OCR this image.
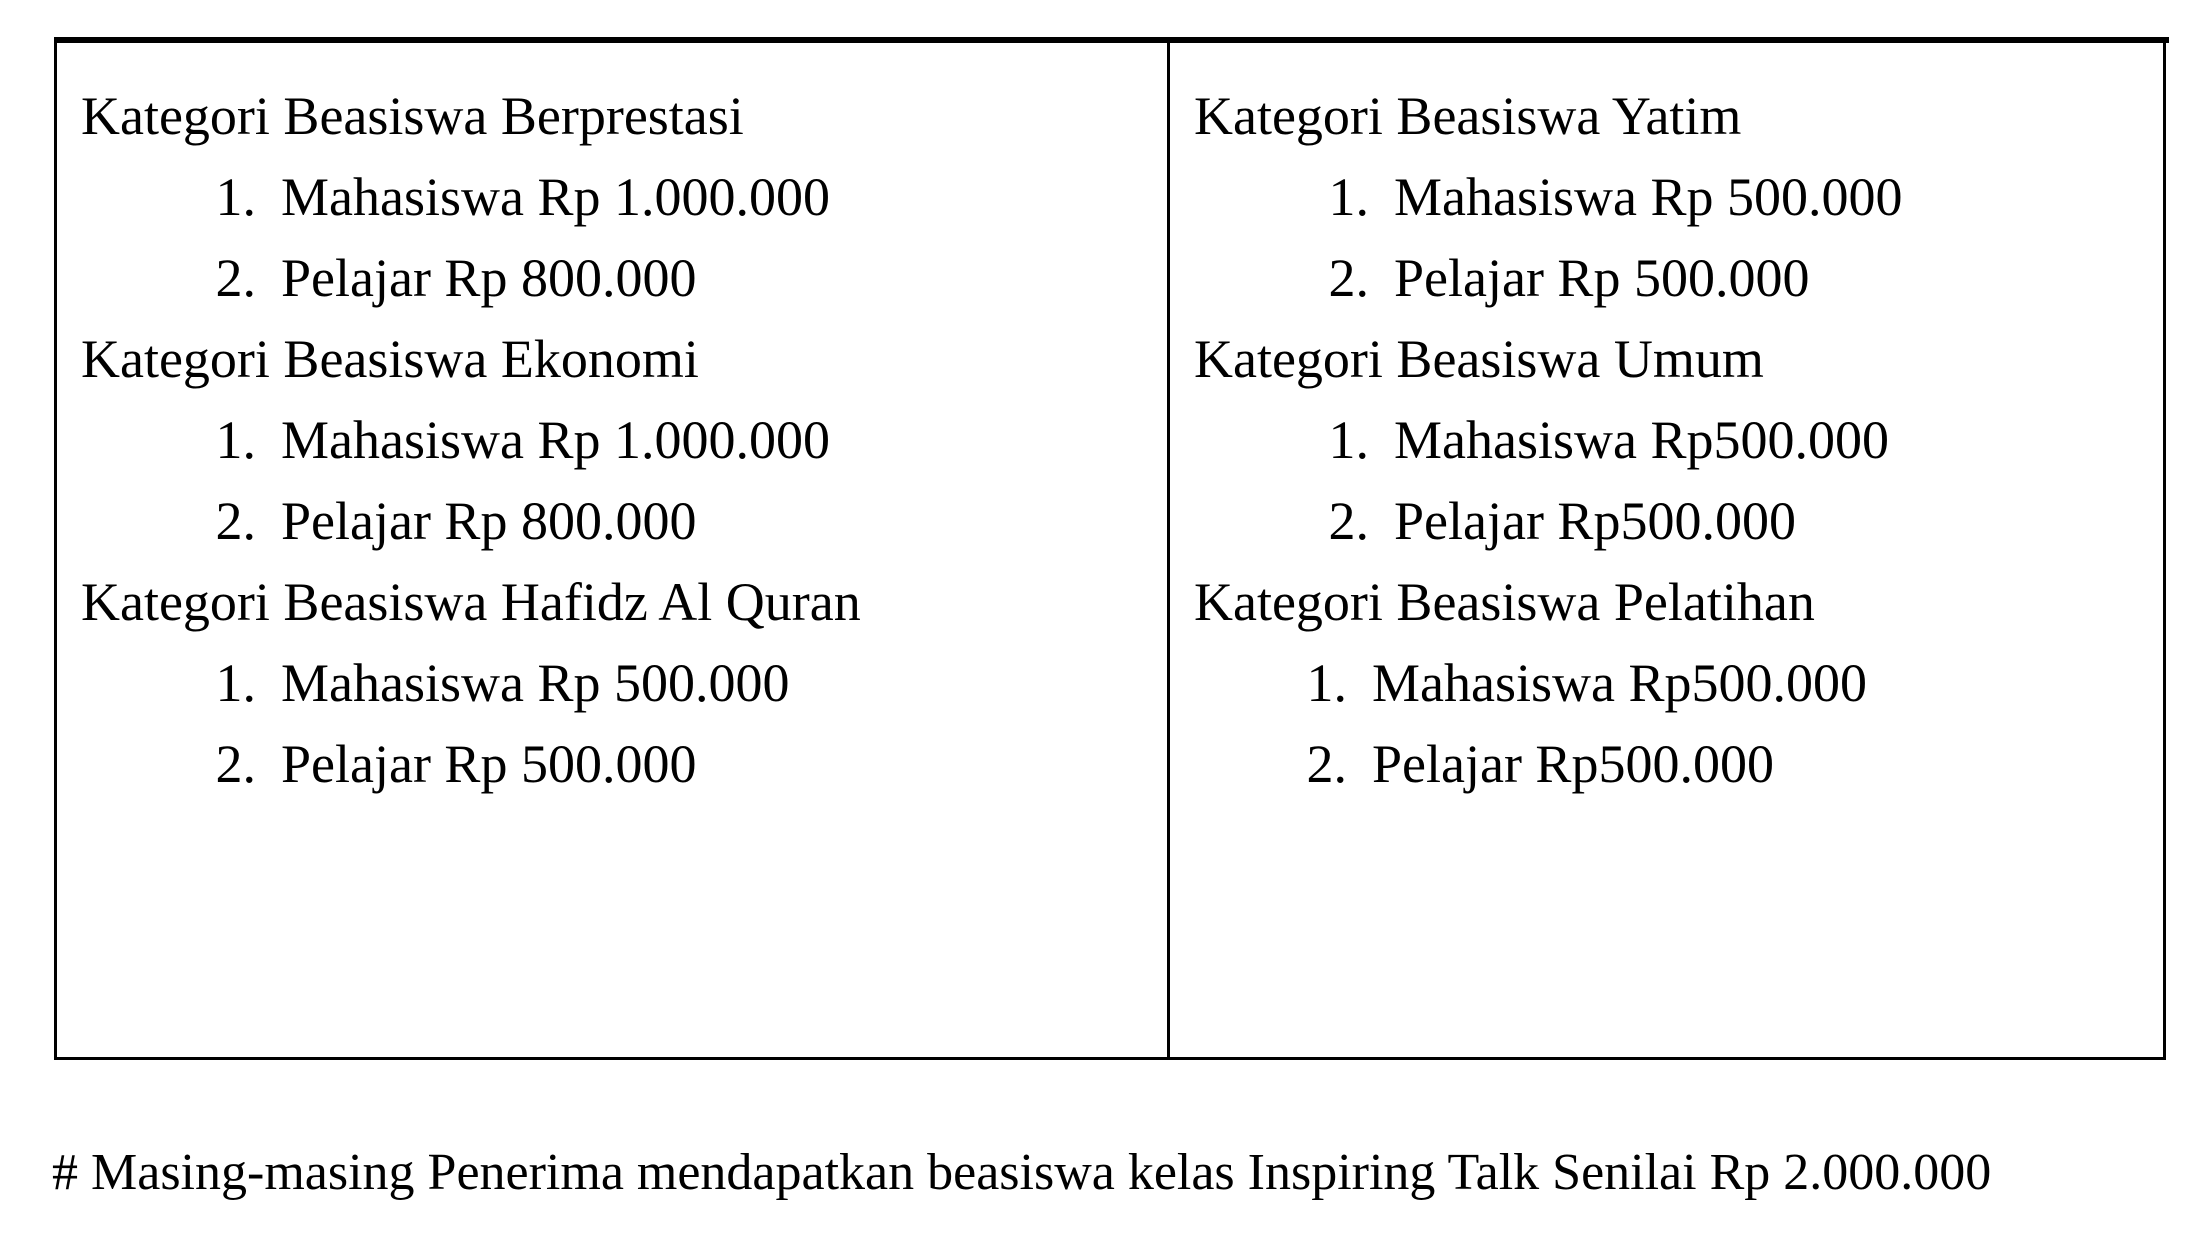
Kategori Beasiswa Berprestasi
1. Mahasiswa Rp 1.000.000
2. Pelajar Rp 800.000
Kategori Beasiswa Ekonomi
1. Mahasiswa Rp 1.000.000
2. Pelajar Rp 800.000
Kategori Beasiswa Hafidz Al Quran
1. Mahasiswa Rp 500.000
2. Pelajar Rp 500.000
Kategori Beasiswa Yatim
1. Mahasiswa Rp 500.000
2. Pelajar Rp 500.000
Kategori Beasiswa Umum
1. Mahasiswa Rp500.000
2. Pelajar Rp500.000
Kategori Beasiswa Pelatihan
1. Mahasiswa Rp500.000
2. Pelajar Rp500.000
# Masing-masing Penerima mendapatkan beasiswa kelas Inspiring Talk Senilai Rp 2.000.000
